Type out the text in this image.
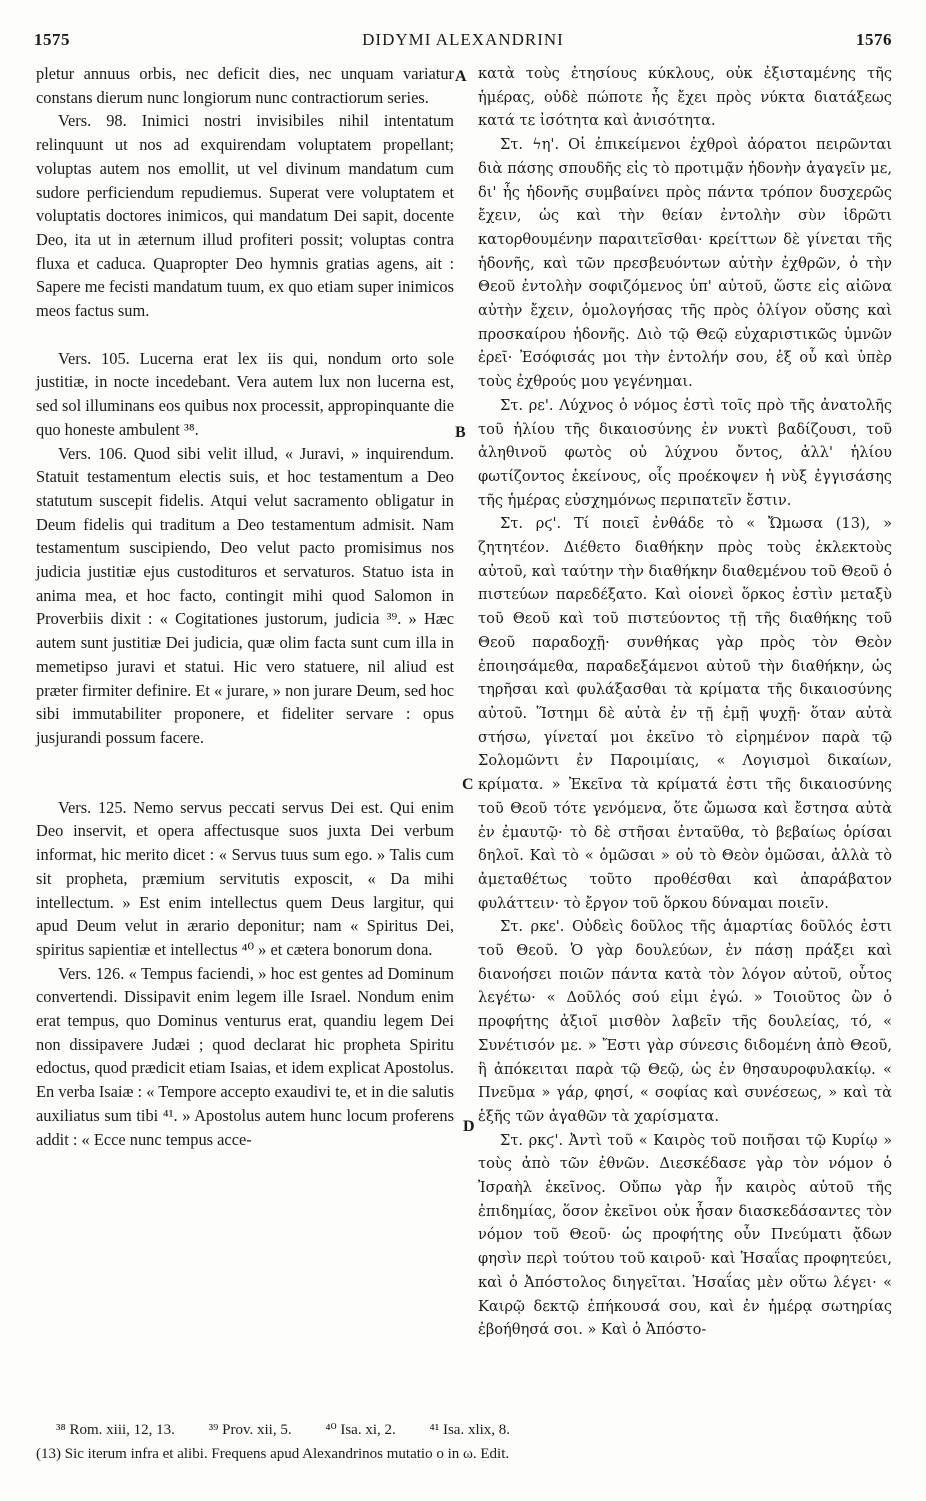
1575	DIDYMI ALEXANDRINI	1576

pletur annuus orbis, nec deficit dies, nec unquam variatur constans dierum nunc longiorum nunc contractiorum series.

Vers. 98. Inimici nostri invisibiles nihil intentatum relinquunt ut nos ad exquirendam voluptatem propellant; voluptas autem nos emollit, ut vel divinum mandatum cum sudore perficiendum repudiemus. Superat vere voluptatem et voluptatis doctores inimicos, qui mandatum Dei sapit, docente Deo, ita ut in æternum illud profiteri possit; voluptas contra fluxa et caduca. Quapropter Deo hymnis gratias agens, ait : Sapere me fecisti mandatum tuum, ex quo etiam super inimicos meos factus sum.

Vers. 105. Lucerna erat lex iis qui, nondum orto sole justitiæ, in nocte incedebant. Vera autem lux non lucerna est, sed sol illuminans eos quibus nox processit, appropinquante die quo honeste ambulent ³⁸.

Vers. 106. Quod sibi velit illud, « Juravi, » inquirendum. Statuit testamentum electis suis, et hoc testamentum a Deo statutum suscepit fidelis. Atqui velut sacramento obligatur in Deum fidelis qui traditum a Deo testamentum admisit. Nam testamentum suscipiendo, Deo velut pacto promisimus nos judicia justitiæ ejus custodituros et servaturos. Statuo ista in anima mea, et hoc facto, contingit mihi quod Salomon in Proverbiis dixit : « Cogitationes justorum, judicia ³⁹. » Hæc autem sunt justitiæ Dei judicia, quæ olim facta sunt cum illa in memetipso juravi et statui. Hic vero statuere, nil aliud est præter firmiter definire. Et « jurare, » non jurare Deum, sed hoc sibi immutabiliter proponere, et fideliter servare : opus jusjurandi possum facere.

Vers. 125. Nemo servus peccati servus Dei est. Qui enim Deo inservit, et opera affectusque suos juxta Dei verbum informat, hic merito dicet : « Servus tuus sum ego. » Talis cum sit propheta, præmium servitutis exposcit, « Da mihi intellectum. » Est enim intellectus quem Deus largitur, qui apud Deum velut in ærario deponitur; nam « Spiritus Dei, spiritus sapientiæ et intellectus ⁴⁰ » et cætera bonorum dona.

Vers. 126. « Tempus faciendi, » hoc est gentes ad Dominum convertendi. Dissipavit enim legem ille Israel. Nondum enim erat tempus, quo Dominus venturus erat, quandiu legem Dei non dissipavere Judæi ; quod declarat hic propheta Spiritu edoctus, quod prædicit etiam Isaias, et idem explicat Apostolus. En verba Isaiæ : « Tempore accepto exaudivi te, et in die salutis auxiliatus sum tibi ⁴¹. » Apostolus autem hunc locum proferens addit : « Ecce nunc tempus acce-

A
B
C
D

κατὰ τοὺς ἐτησίους κύκλους, οὐκ ἐξισταμένης τῆς ἡμέρας, οὐδὲ πώποτε ἧς ἔχει πρὸς νύκτα διατάξεως κατά τε ἰσότητα καὶ ἀνισότητα.

Στ. ϟη'. Οἱ ἐπικείμενοι ἐχθροὶ ἀόρατοι πειρῶνται διὰ πάσης σπουδῆς εἰς τὸ προτιμᾷν ἡδονὴν ἀγαγεῖν με, δι' ἧς ἡδονῆς συμβαίνει πρὸς πάντα τρόπον δυσχερῶς ἔχειν, ὡς καὶ τὴν θείαν ἐντολὴν σὺν ἱδρῶτι κατορθουμένην παραιτεῖσθαι· κρείττων δὲ γίνεται τῆς ἡδονῆς, καὶ τῶν πρεσβευόντων αὐτὴν ἐχθρῶν, ὁ τὴν Θεοῦ ἐντολὴν σοφιζόμενος ὑπ' αὐτοῦ, ὥστε εἰς αἰῶνα αὐτὴν ἔχειν, ὁμολογήσας τῆς πρὸς ὀλίγον οὔσης καὶ προσκαίρου ἡδονῆς. Διὸ τῷ Θεῷ εὐχαριστικῶς ὑμνῶν ἐρεῖ· Ἐσόφισάς μοι τὴν ἐντολήν σου, ἐξ οὗ καὶ ὑπὲρ τοὺς ἐχθρούς μου γεγένημαι.

Στ. ρε'. Λύχνος ὁ νόμος ἐστὶ τοῖς πρὸ τῆς ἀνατολῆς τοῦ ἡλίου τῆς δικαιοσύνης ἐν νυκτὶ βαδίζουσι, τοῦ ἀληθινοῦ φωτὸς οὐ λύχνου ὄντος, ἀλλ' ἡλίου φωτίζοντος ἐκείνους, οἷς προέκοψεν ἡ νὺξ ἐγγισάσης τῆς ἡμέρας εὐσχημόνως περιπατεῖν ἔστιν.

Στ. ρϛ'. Τί ποιεῖ ἐνθάδε τὸ « Ὤμωσα (13), » ζητητέον. Διέθετο διαθήκην πρὸς τοὺς ἐκλεκτοὺς αὐτοῦ, καὶ ταύτην τὴν διαθήκην διαθεμένου τοῦ Θεοῦ ὁ πιστεύων παρεδέξατο. Καὶ οἱονεὶ ὅρκος ἐστὶν μεταξὺ τοῦ Θεοῦ καὶ τοῦ πιστεύοντος τῇ τῆς διαθήκης τοῦ Θεοῦ παραδοχῇ· συνθήκας γὰρ πρὸς τὸν Θεὸν ἐποιησάμεθα, παραδεξάμενοι αὐτοῦ τὴν διαθήκην, ὡς τηρῆσαι καὶ φυλάξασθαι τὰ κρίματα τῆς δικαιοσύνης αὐτοῦ. Ἵστημι δὲ αὐτὰ ἐν τῇ ἐμῇ ψυχῇ· ὅταν αὐτὰ στήσω, γίνεταί μοι ἐκεῖνο τὸ εἰρημένον παρὰ τῷ Σολομῶντι ἐν Παροιμίαις, « Λογισμοὶ δικαίων, κρίματα. » Ἐκεῖνα τὰ κρίματά ἐστι τῆς δικαιοσύνης τοῦ Θεοῦ τότε γενόμενα, ὅτε ὤμωσα καὶ ἔστησα αὐτὰ ἐν ἐμαυτῷ· τὸ δὲ στῆσαι ἐνταῦθα, τὸ βεβαίως ὁρίσαι δηλοῖ. Καὶ τὸ « ὀμῶσαι » οὐ τὸ Θεὸν ὀμῶσαι, ἀλλὰ τὸ ἀμεταθέτως τοῦτο προθέσθαι καὶ ἀπαράβατον φυλάττειν· τὸ ἔργον τοῦ ὅρκου δύναμαι ποιεῖν.

Στ. ρκε'. Οὐδεὶς δοῦλος τῆς ἁμαρτίας δοῦλός ἐστι τοῦ Θεοῦ. Ὁ γὰρ δουλεύων, ἐν πάσῃ πράξει καὶ διανοήσει ποιῶν πάντα κατὰ τὸν λόγον αὐτοῦ, οὗτος λεγέτω· « Δοῦλός σού εἰμι ἐγώ. » Τοιοῦτος ὢν ὁ προφήτης ἀξιοῖ μισθὸν λαβεῖν τῆς δουλείας, τό, « Συνέτισόν με. » Ἔστι γὰρ σύνεσις διδομένη ἀπὸ Θεοῦ, ἣ ἀπόκειται παρὰ τῷ Θεῷ, ὡς ἐν θησαυροφυλακίῳ. « Πνεῦμα » γάρ, φησί, « σοφίας καὶ συνέσεως, » καὶ τὰ ἑξῆς τῶν ἀγαθῶν τὰ χαρίσματα.

Στ. ρκϛ'. Ἀντὶ τοῦ « Καιρὸς τοῦ ποιῆσαι τῷ Κυρίῳ » τοὺς ἀπὸ τῶν ἐθνῶν. Διεσκέδασε γὰρ τὸν νόμον ὁ Ἰσραὴλ ἐκεῖνος. Οὔπω γὰρ ἦν καιρὸς αὐτοῦ τῆς ἐπιδημίας, ὅσον ἐκεῖνοι οὐκ ἦσαν διασκεδάσαντες τὸν νόμον τοῦ Θεοῦ· ὡς προφήτης οὖν Πνεύματι ᾄδων φησὶν περὶ τούτου τοῦ καιροῦ· καὶ Ἡσαΐας προφητεύει, καὶ ὁ Ἀπόστολος διηγεῖται. Ἡσαΐας μὲν οὕτω λέγει· « Καιρῷ δεκτῷ ἐπήκουσά σου, καὶ ἐν ἡμέρᾳ σωτηρίας ἐβοήθησά σοι. » Καὶ ὁ Ἀπόστο-

³⁸ Rom. xiii, 12, 13. ³⁹ Prov. xii, 5. ⁴⁰ Isa. xi, 2. ⁴¹ Isa. xlix, 8.
(13) Sic iterum infra et alibi. Frequens apud Alexandrinos mutatio o in ω. Edit.
